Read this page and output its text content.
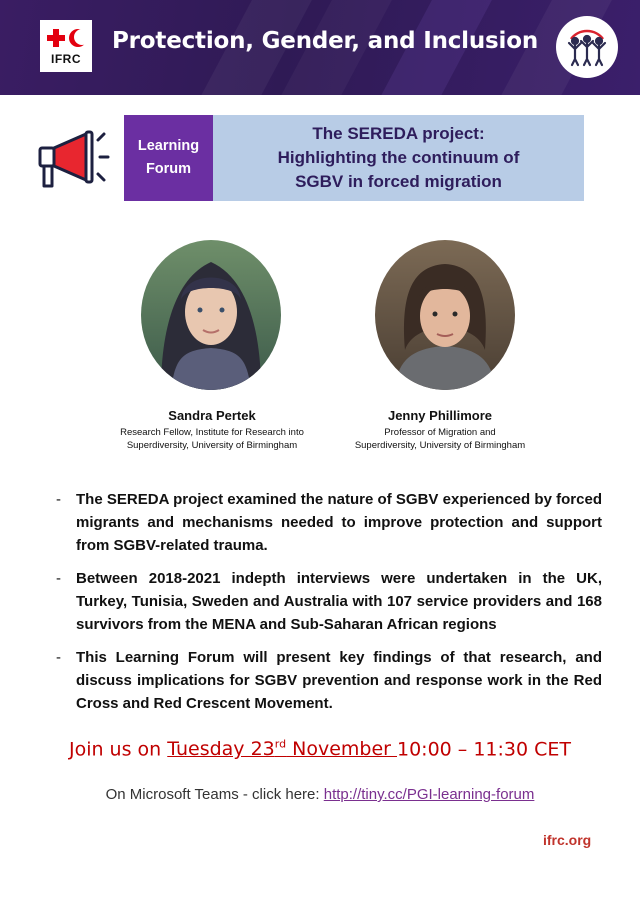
IFRC
Protection, Gender, and Inclusion
Learning
Forum
The SEREDA project:
Highlighting the continuum of
SGBV in forced migration
Sandra Pertek
Research Fellow, Institute for Research into
Superdiversity, University of Birmingham
Jenny Phillimore
Professor of Migration and
Superdiversity, University of Birmingham
- The SEREDA project examined the nature of SGBV experienced by forced migrants and mechanisms needed to improve protection and support from SGBV-related trauma.
- Between 2018-2021 indepth interviews were undertaken in the UK, Turkey, Tunisia, Sweden and Australia with 107 service providers and 168 survivors from the MENA and Sub-Saharan African regions
- This Learning Forum will present key findings of that research, and discuss implications for SGBV prevention and response work in the Red Cross and Red Crescent Movement.
Join us on Tuesday 23rd November 10:00 – 11:30 CET
On Microsoft Teams - click here: http://tiny.cc/PGI-learning-forum
ifrc.org
